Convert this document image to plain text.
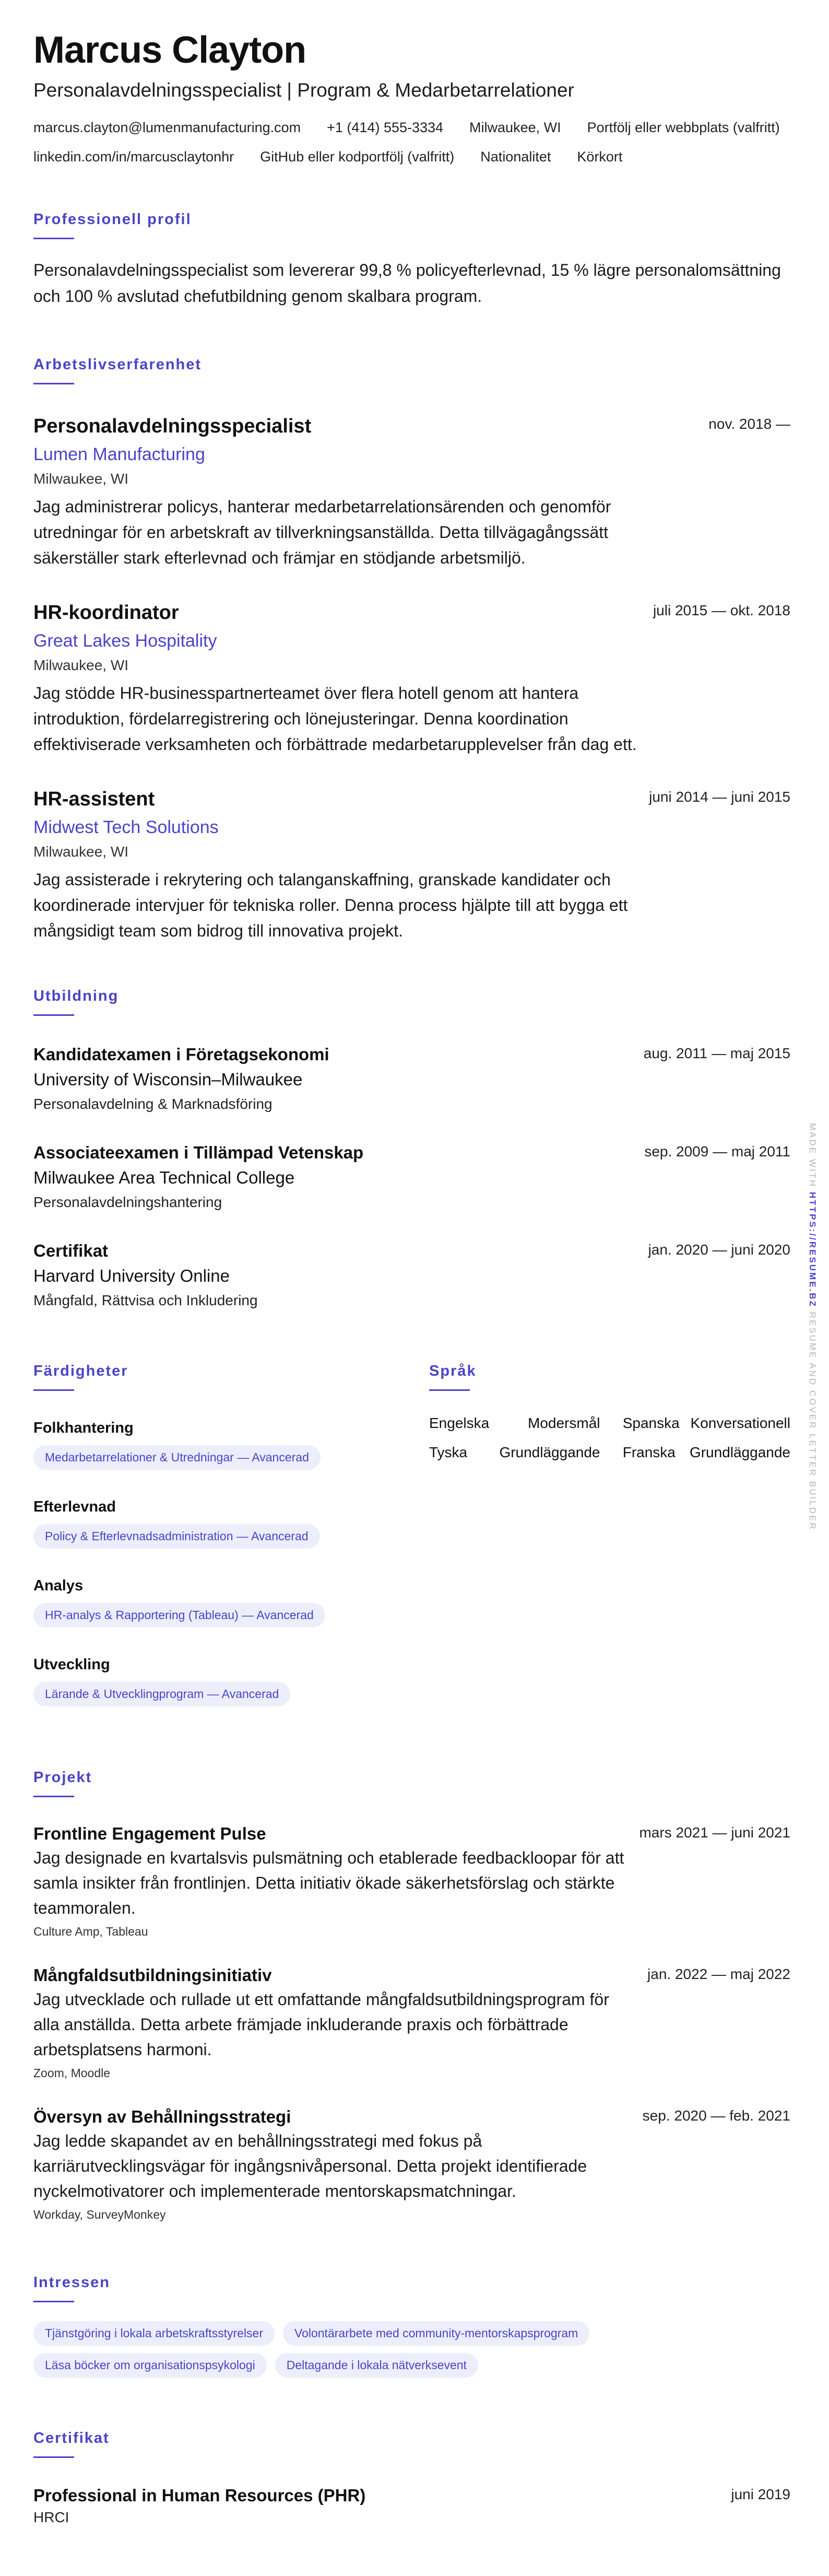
Marcus Clayton
Personalavdelningsspecialist | Program & Medarbetarrelationer
marcus.clayton@lumenmanufacturing.com +1 (414) 555-3334 Milwaukee, WI Portfölj eller webbplats (valfritt)
linkedin.com/in/marcusclaytonhr GitHub eller kodportfölj (valfritt) Nationalitet Körkort
Professionell profil

Personalavdelningsspecialist som levererar 99,8 % policyefterlevnad, 15 % lägre personalomsättning och 100 % avslutad chefutbildning genom skalbara program.

Arbetslivserfarenhet
nov. 2018 —
Personalavdelningsspecialist
Lumen Manufacturing
Milwaukee, WI
Jag administrerar policys, hanterar medarbetarrelationsärenden och genomför utredningar för en arbetskraft av tillverkningsanställda. Detta tillvägagångssätt säkerställer stark efterlevnad och främjar en stödjande arbetsmiljö.
juli 2015 — okt. 2018
HR-koordinator
Great Lakes Hospitality
Milwaukee, WI
Jag stödde HR-businesspartnerteamet över flera hotell genom att hantera introduktion, fördelarregistrering och lönejusteringar. Denna koordination effektiviserade verksamheten och förbättrade medarbetarupplevelser från dag ett.
juni 2014 — juni 2015
HR-assistent
Midwest Tech Solutions
Milwaukee, WI
Jag assisterade i rekrytering och talanganskaffning, granskade kandidater och koordinerade intervjuer för tekniska roller. Denna process hjälpte till att bygga ett mångsidigt team som bidrog till innovativa projekt.
Utbildning
aug. 2011 — maj 2015
Kandidatexamen i Företagsekonomi
University of Wisconsin–Milwaukee
Personalavdelning & Marknadsföring
sep. 2009 — maj 2011
Associateexamen i Tillämpad Vetenskap
Milwaukee Area Technical College
Personalavdelningshantering
jan. 2020 — juni 2020
Certifikat
Harvard University Online
Mångfald, Rättvisa och Inkludering
Färdigheter
Folkhantering
Medarbetarrelationer & Utredningar — Avancerad
Efterlevnad
Policy & Efterlevnadsadministration — Avancerad
Analys
HR-analys & Rapportering (Tableau) — Avancerad
Utveckling
Lärande & Utvecklingprogram — Avancerad
Språk
Engelska	Modersmål	Spanska Konversationell
Tyska	Grundläggande	Franska Grundläggande
Projekt
mars 2021 — juni 2021
Frontline Engagement Pulse
Jag designade en kvartalsvis pulsmätning och etablerade feedbackloopar för att samla insikter från frontlinjen. Detta initiativ ökade säkerhetsförslag och stärkte teammoralen.
Culture Amp, Tableau
jan. 2022 — maj 2022
Mångfaldsutbildningsinitiativ
Jag utvecklade och rullade ut ett omfattande mångfaldsutbildningsprogram för alla anställda. Detta arbete främjade inkluderande praxis och förbättrade arbetsplatsens harmoni.
Zoom, Moodle
sep. 2020 — feb. 2021
Översyn av Behållningsstrategi
Jag ledde skapandet av en behållningsstrategi med fokus på karriärutvecklingsvägar för ingångsnivåpersonal. Detta projekt identifierade nyckelmotivatorer och implementerade mentorskapsmatchningar.
Workday, SurveyMonkey
Intressen
Tjänstgöring i lokala arbetskraftsstyrelser	Volontärarbete med community-mentorskapsprogram
Läsa böcker om organisationspsykologi	Deltagande i lokala nätverksevent
Certifikat
juni 2019
Professional in Human Resources (PHR)
HRCI
MADE WITH HTTPS://RESUME.BZ RESUME AND COVER LETTER BUILDER
